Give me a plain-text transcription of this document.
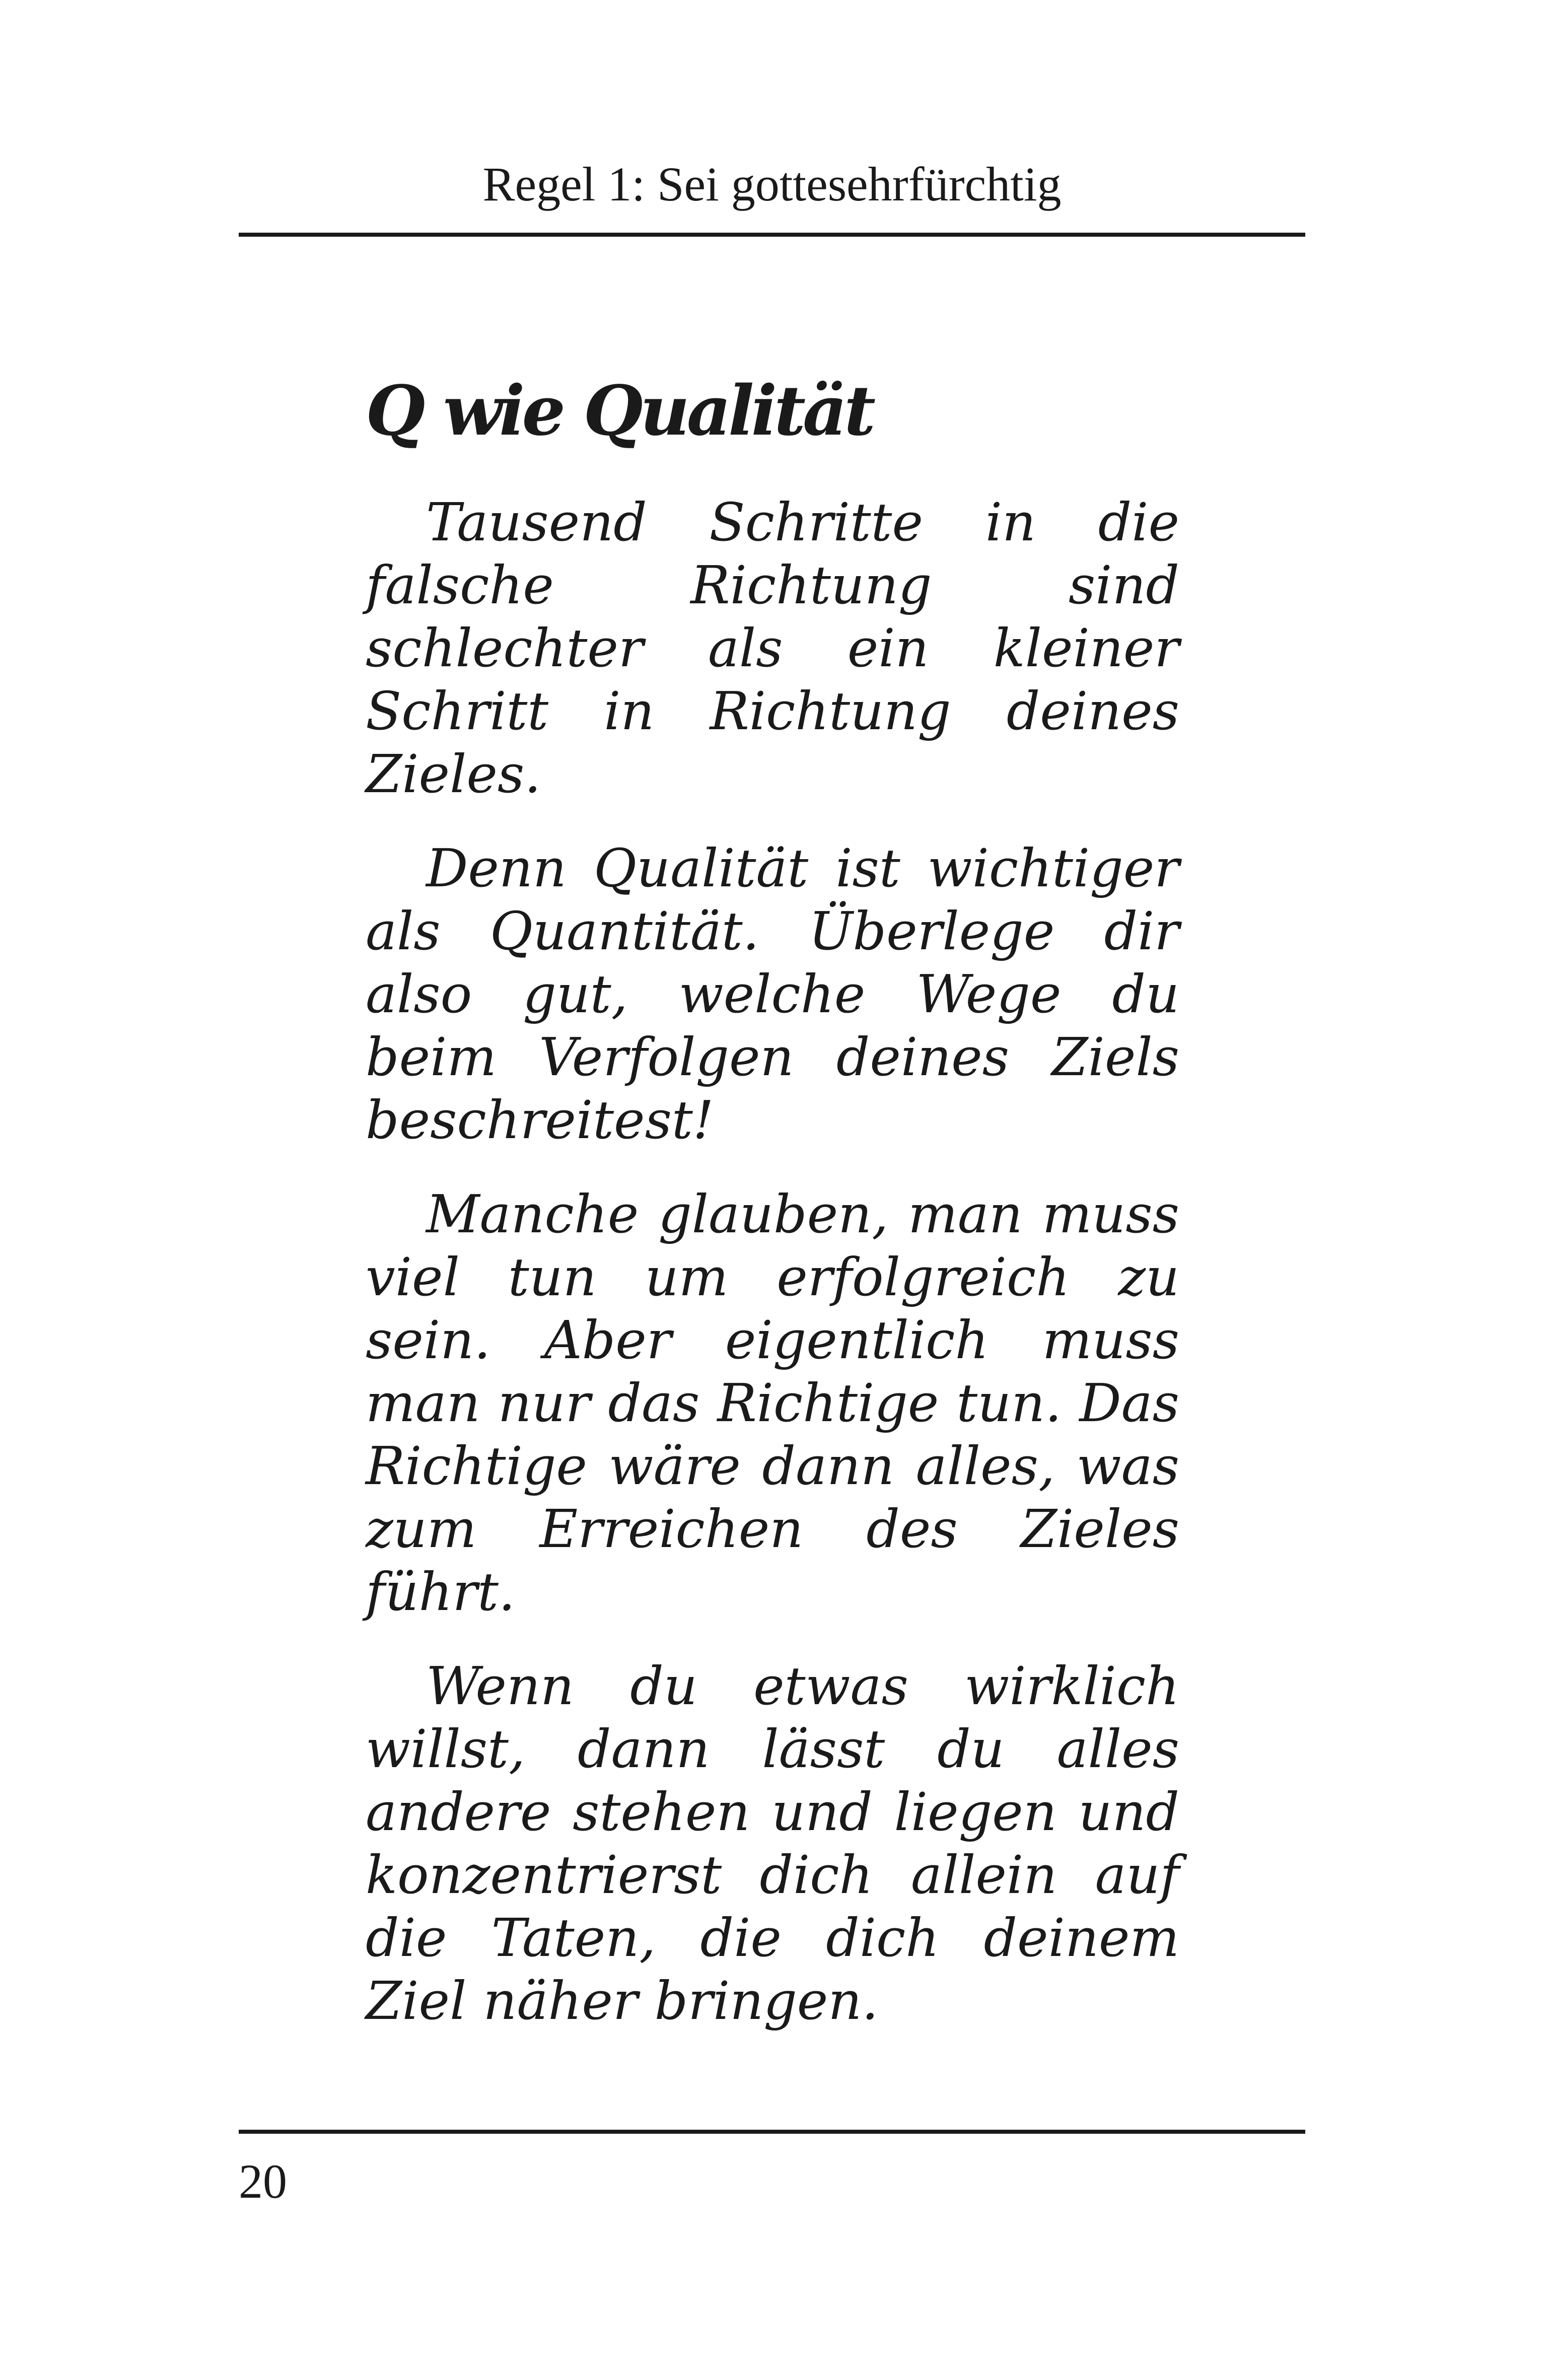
Regel 1: Sei gottesehrfürchtig
Q wie Qualität

Tausend Schritte in die falsche Richtung sind schlechter als ein kleiner Schritt in Richtung deines Zieles.

Denn Qualität ist wichtiger als Quantität. Überlege dir also gut, welche Wege du beim Verfolgen deines Ziels beschreitest!

Manche glauben, man muss viel tun um erfolgreich zu sein. Aber eigentlich muss man nur das Richtige tun. Das Richtige wäre dann alles, was zum Erreichen des Zieles führt.

Wenn du etwas wirklich willst, dann lässt du alles andere stehen und liegen und konzentrierst dich allein auf die Taten, die dich deinem Ziel näher bringen.

20
